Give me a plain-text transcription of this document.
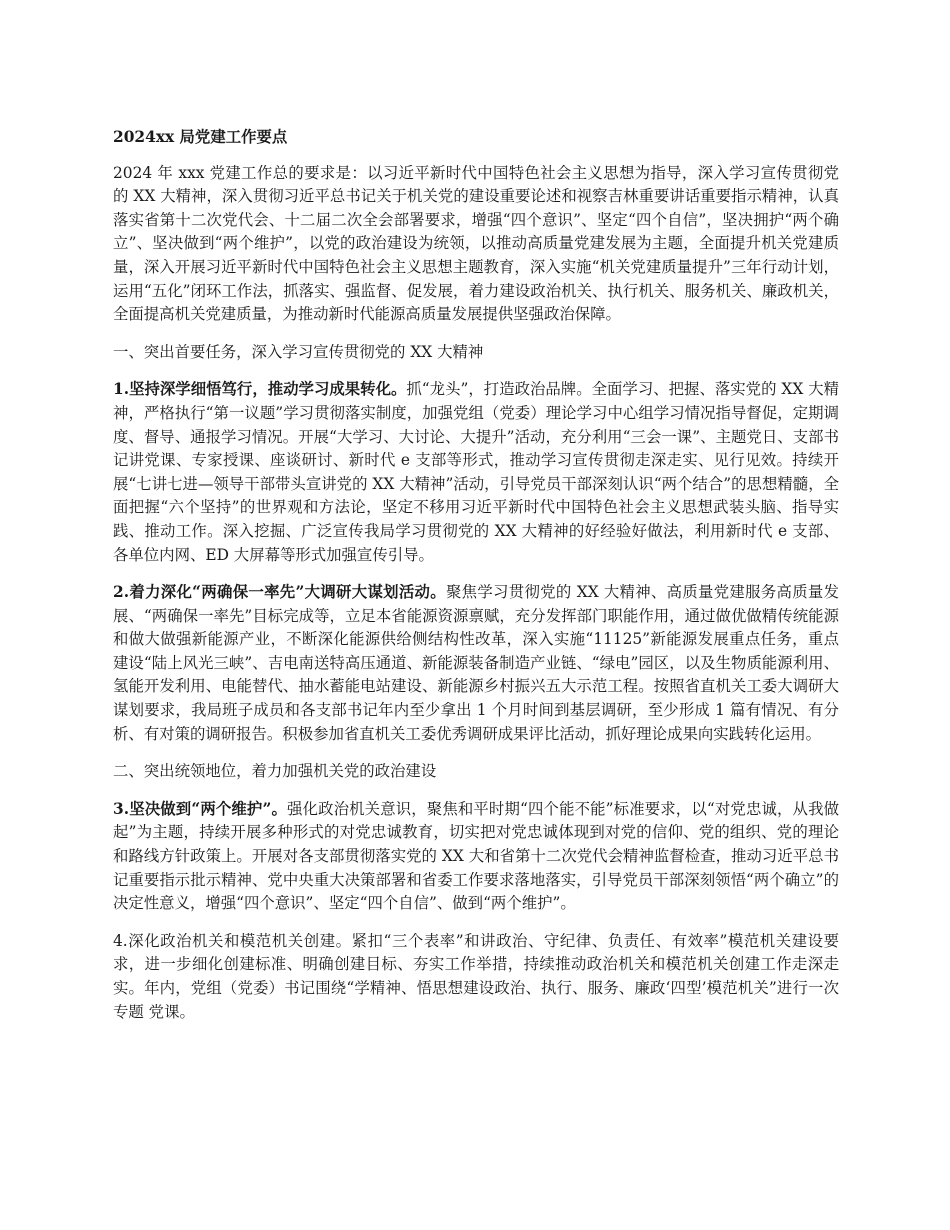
2024xx 局党建工作要点

2024 年 xxx 党建工作总的要求是：以习近平新时代中国特色社会主义思想为指导，深入学习宣传贯彻党的 XX 大精神，深入贯彻习近平总书记关于机关党的建设重要论述和视察吉林重要讲话重要指示精神，认真落实省第十二次党代会、十二届二次全会部署要求，增强“四个意识”、坚定“四个自信”，坚决拥护“两个确立”、坚决做到“两个维护”，以党的政治建设为统领，以推动高质量党建发展为主题，全面提升机关党建质量，深入开展习近平新时代中国特色社会主义思想主题教育，深入实施“机关党建质量提升”三年行动计划，运用“五化”闭环工作法，抓落实、强监督、促发展，着力建设政治机关、执行机关、服务机关、廉政机关，全面提高机关党建质量，为推动新时代能源高质量发展提供坚强政治保障。

一、突出首要任务，深入学习宣传贯彻党的 XX 大精神

1.坚持深学细悟笃行，推动学习成果转化。抓“龙头”，打造政治品牌。全面学习、把握、落实党的 XX 大精神，严格执行“第一议题”学习贯彻落实制度，加强党组（党委）理论学习中心组学习情况指导督促，定期调度、督导、通报学习情况。开展“大学习、大讨论、大提升”活动，充分利用“三会一课”、主题党日、支部书记讲党课、专家授课、座谈研讨、新时代 e 支部等形式，推动学习宣传贯彻走深走实、见行见效。持续开展“七讲七进—领导干部带头宣讲党的 XX 大精神”活动，引导党员干部深刻认识“两个结合”的思想精髓，全面把握“六个坚持”的世界观和方法论，坚定不移用习近平新时代中国特色社会主义思想武装头脑、指导实践、推动工作。深入挖掘、广泛宣传我局学习贯彻党的 XX 大精神的好经验好做法，利用新时代 e 支部、各单位内网、ED 大屏幕等形式加强宣传引导。

2.着力深化“两确保一率先”大调研大谋划活动。聚焦学习贯彻党的 XX 大精神、高质量党建服务高质量发展、“两确保一率先”目标完成等，立足本省能源资源禀赋，充分发挥部门职能作用，通过做优做精传统能源和做大做强新能源产业，不断深化能源供给侧结构性改革，深入实施“11125”新能源发展重点任务，重点建设“陆上风光三峡”、吉电南送特高压通道、新能源装备制造产业链、“绿电”园区，以及生物质能源利用、氢能开发利用、电能替代、抽水蓄能电站建设、新能源乡村振兴五大示范工程。按照省直机关工委大调研大谋划要求，我局班子成员和各支部书记年内至少拿出 1 个月时间到基层调研，至少形成 1 篇有情况、有分析、有对策的调研报告。积极参加省直机关工委优秀调研成果评比活动，抓好理论成果向实践转化运用。

二、突出统领地位，着力加强机关党的政治建设

3.坚决做到“两个维护”。强化政治机关意识，聚焦和平时期“四个能不能”标准要求，以“对党忠诚，从我做起”为主题，持续开展多种形式的对党忠诚教育，切实把对党忠诚体现到对党的信仰、党的组织、党的理论和路线方针政策上。开展对各支部贯彻落实党的 XX 大和省第十二次党代会精神监督检查，推动习近平总书记重要指示批示精神、党中央重大决策部署和省委工作要求落地落实，引导党员干部深刻领悟“两个确立”的决定性意义，增强“四个意识”、坚定“四个自信”、做到“两个维护”。

4.深化政治机关和模范机关创建。紧扣“三个表率”和讲政治、守纪律、负责任、有效率”模范机关建设要求，进一步细化创建标准、明确创建目标、夯实工作举措，持续推动政治机关和模范机关创建工作走深走实。年内，党组（党委）书记围绕“学精神、悟思想建设政治、执行、服务、廉政‘四型’模范机关”进行一次专题 党课。
